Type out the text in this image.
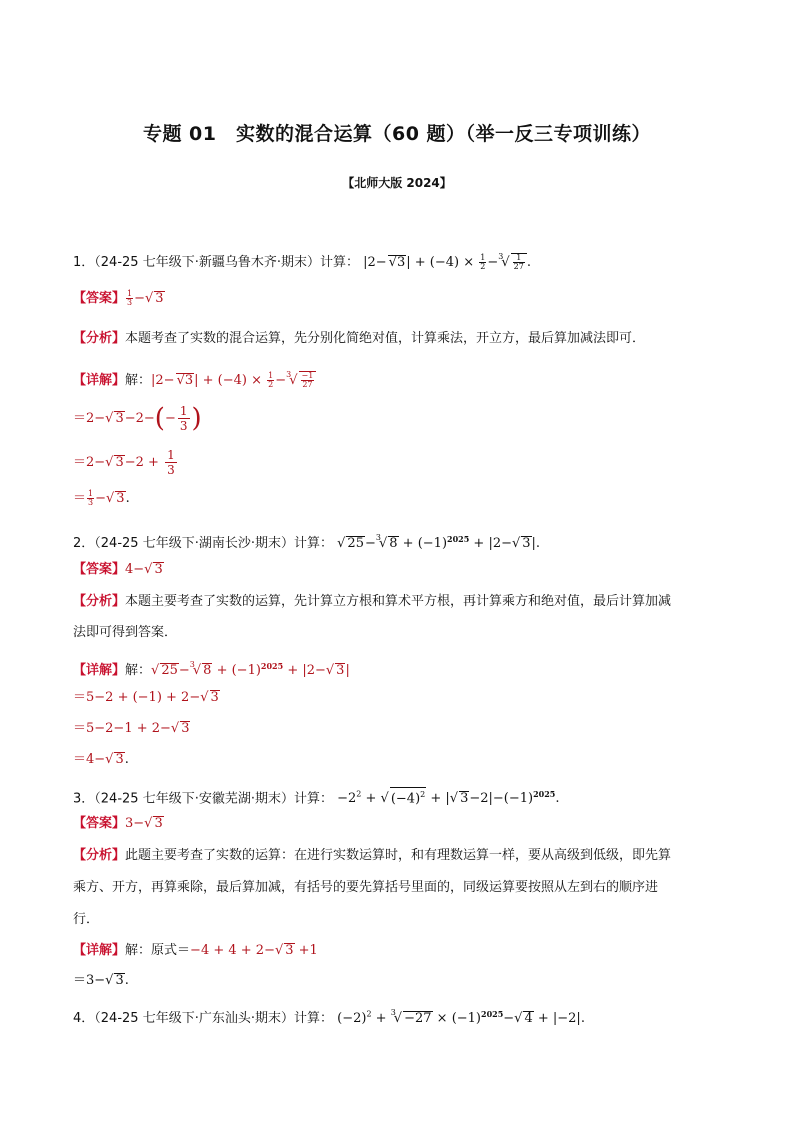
专题 01　实数的混合运算（60 题）（举一反三专项训练）
【北师大版 2024】
1．（24-25 七年级下·新疆乌鲁木齐·期末）计算： $|2- √3| + (-4) \times \frac{1}{2} -^3√ \frac{1}{27}$ .
【答案】 $\frac{1}{3}$ −√ 3
【分析】本题考查了实数的混合运算，先分别化简绝对值，计算乘法，开立方，最后算加减法即可．
【详解】解：$|2- √3| + (-4) \times \frac{1}{2} -^3√ \frac{-1}{27}$
＝2−√ $3-2-(- \frac{1}{3}$ )
＝2−√ $3-2 + \frac{1}{3}$
＝ $\frac{1}{3}$ −√ 3.
2．（24-25 七年级下·湖南长沙·期末）计算： √ 25−$^3$√ $8 + (-1)^{2025} + |2-√$ 3|.
【答案】4−√ 3
【分析】本题主要考查了实数的运算，先计算立方根和算术平方根，再计算乘方和绝对值，最后计算加减
法即可得到答案．
【详解】解：√ 25−$^3$√ $8 + (-1)^{2025} + |2-√$ 3|
＝5−2 + (−1) + 2−√ 3
＝5−2−1 + 2−√ 3
＝4−√ 3.
3．（24-25 七年级下·安徽芜湖·期末）计算： $-2^2$ + √ $(-4)^2$ + |√ $3-2|-(-1)^{2025}$.
【答案】3−√ 3
【分析】此题主要考查了实数的运算：在进行实数运算时，和有理数运算一样，要从高级到低级，即先算
乘方、开方，再算乘除，最后算加减，有括号的要先算括号里面的，同级运算要按照从左到右的顺序进
行．
【详解】解：原式＝−4 + 4 + 2−√ 3 +1
＝3−√ 3.
4．（24-25 七年级下·广东汕头·期末）计算： $(-2)^2 + ^3√ -27 \times (-1)^{2025}-√$ 4 + |−2|.
